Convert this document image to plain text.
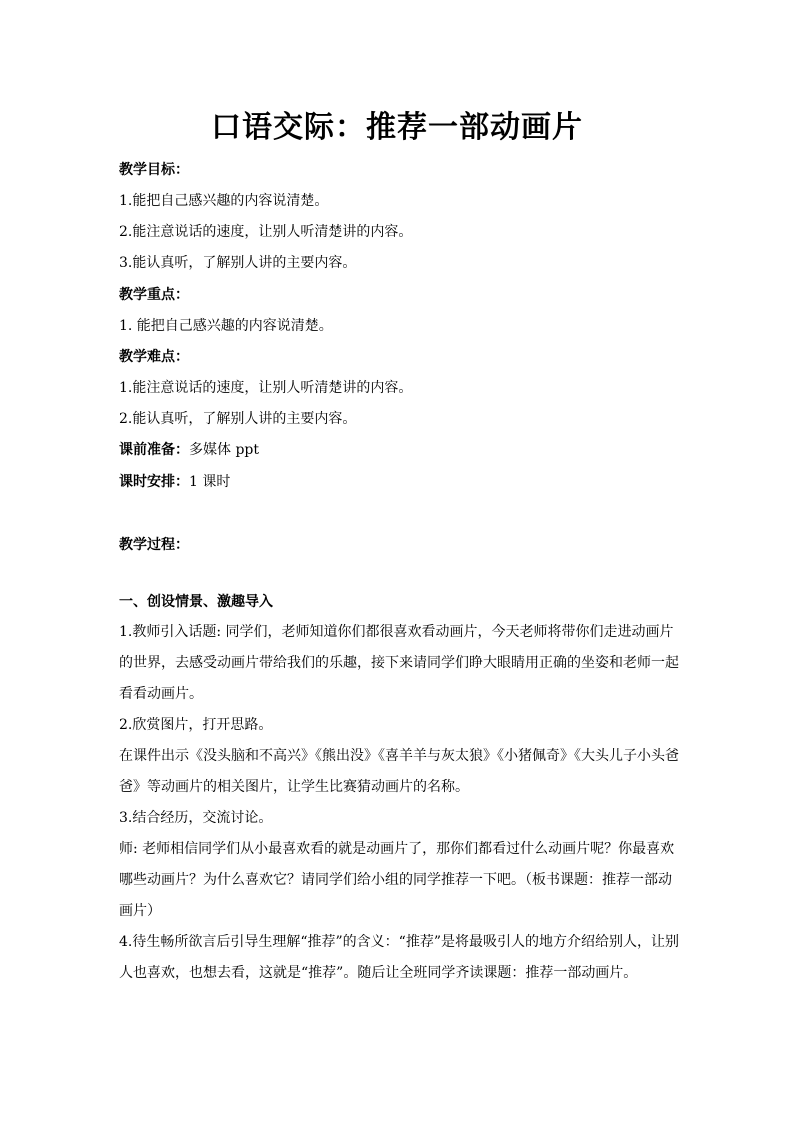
口语交际：推荐一部动画片
教学目标：
1.能把自己感兴趣的内容说清楚。
2.能注意说话的速度，让别人听清楚讲的内容。
3.能认真听，了解别人讲的主要内容。
教学重点：
1. 能把自己感兴趣的内容说清楚。
教学难点：
1.能注意说话的速度，让别人听清楚讲的内容。
2.能认真听，了解别人讲的主要内容。
课前准备：多媒体 ppt
课时安排：1 课时
教学过程：
一、创设情景、激趣导入
1.教师引入话题: 同学们，老师知道你们都很喜欢看动画片，今天老师将带你们走进动画片的世界，去感受动画片带给我们的乐趣，接下来请同学们睁大眼睛用正确的坐姿和老师一起看看动画片。
2.欣赏图片，打开思路。
在课件出示《没头脑和不高兴》《熊出没》《喜羊羊与灰太狼》《小猪佩奇》《大头儿子小头爸爸》等动画片的相关图片，让学生比赛猜动画片的名称。
3.结合经历，交流讨论。
师: 老师相信同学们从小最喜欢看的就是动画片了，那你们都看过什么动画片呢？你最喜欢哪些动画片？为什么喜欢它？请同学们给小组的同学推荐一下吧。（板书课题：推荐一部动画片）
4.待生畅所欲言后引导生理解“推荐”的含义：“推荐”是将最吸引人的地方介绍给别人，让别人也喜欢，也想去看，这就是“推荐”。随后让全班同学齐读课题：推荐一部动画片。
